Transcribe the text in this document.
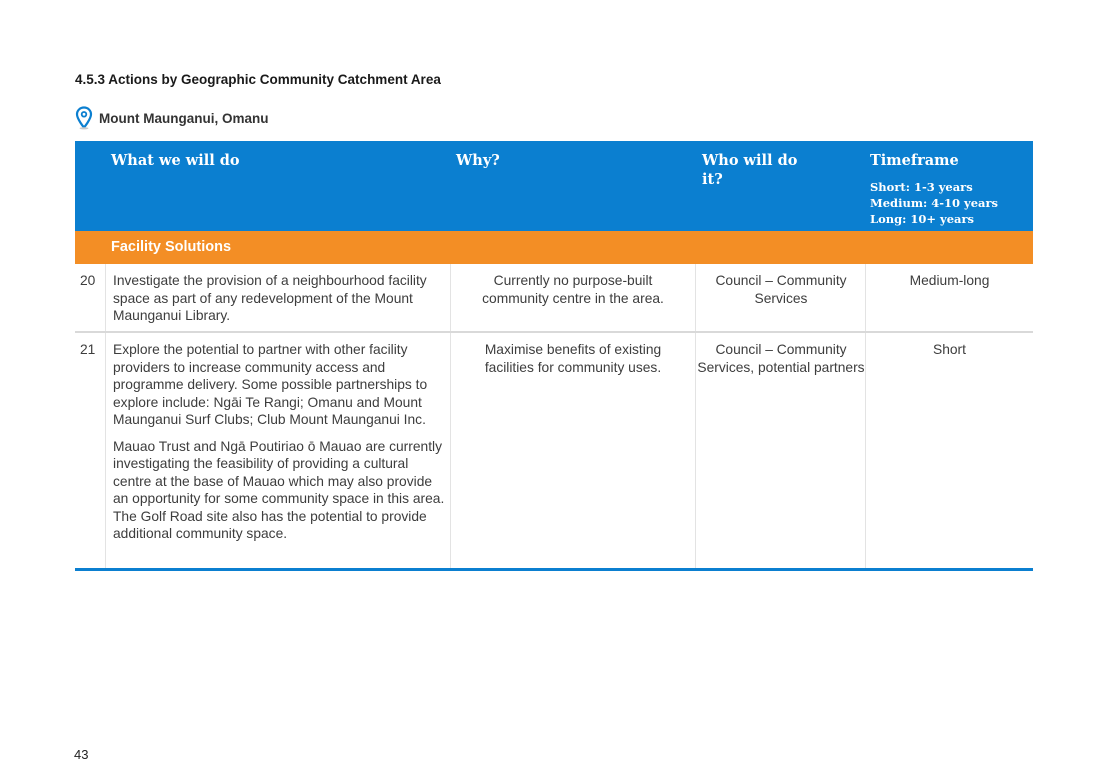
4.5.3 Actions by Geographic Community Catchment Area
Mount Maunganui, Omanu
What we will do	Why?	Who will do it?
Timeframe
Short: 1-3 years
Medium: 4-10 years
Long: 10+ years
Facility Solutions
20 Investigate the provision of a neighbourhood facility space as part of any redevelopment of the Mount Maunganui Library.
Currently no purpose-built community centre in the area.
Council – Community Services
Medium-long
21 Explore the potential to partner with other facility providers to increase community access and programme delivery. Some possible partnerships to explore include: Ngāi Te Rangi; Omanu and Mount Maunganui Surf Clubs; Club Mount Maunganui Inc.
Mauao Trust and Ngā Poutiriao ō Mauao are currently investigating the feasibility of providing a cultural centre at the base of Mauao which may also provide an opportunity for some community space in this area. The Golf Road site also has the potential to provide additional community space.
Maximise benefits of existing facilities for community uses.
Council – Community Services, potential partners
Short
43
